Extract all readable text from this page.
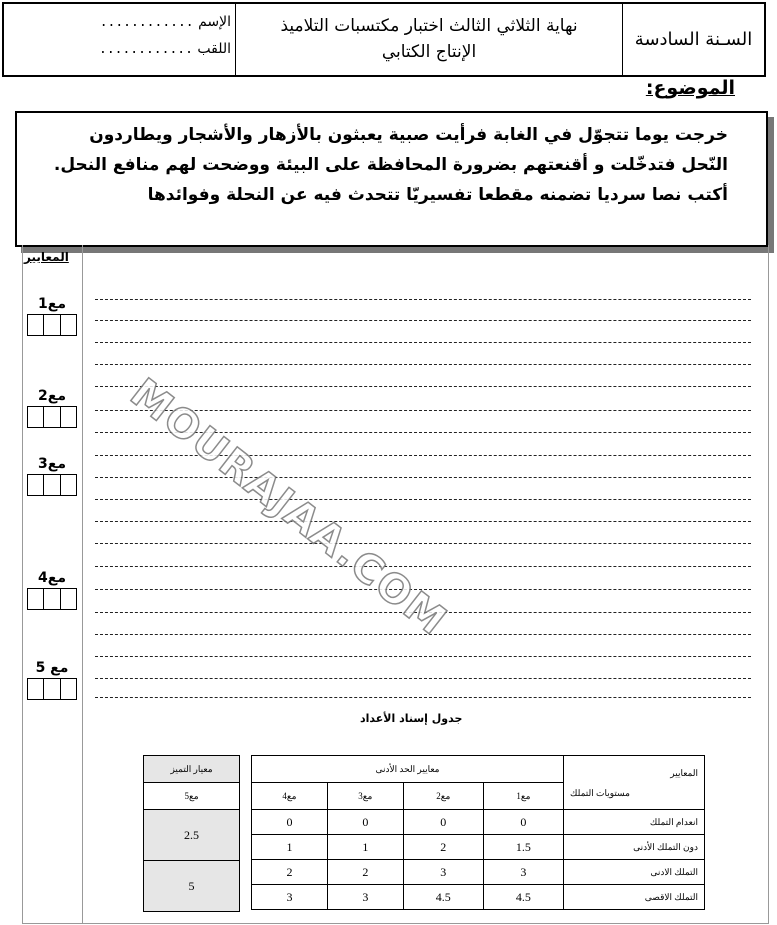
السـنة السادسة
نهاية الثلاثي الثالث اختبار مكتسبات التلاميذ
الإنتاج الكتابي
الإسم ............
اللقب ............
الموضوع:

خرجت يوما تتجوّل في الغابة فرأيت صبية يعبثون بالأزهار والأشجار ويطاردون

النّحل فتدخّلت و أقنعتهم بضرورة المحافظة على البيئة ووضحت لهم منافع النحل.

أكتب نصا سرديا تضمنه مقطعا تفسيريّا تتحدث فيه عن النحلة وفوائدها

المعايير
مع1
مع2
مع3
مع4
مع 5
MOURAJAA.COM
جدول إسناد الأعداد
المعايير
مستويات التملك	معايير الحد الأدنى			
	مع1	مع2	مع3	مع4
انعدام التملك	0	0	0	0
دون التملك الأدنى	1.5	2	1	1
التملك الادنى	3	3	2	2
التملك الاقصى	4.5	4.5	3	3
معيار التميز
مع5
2.5
5
